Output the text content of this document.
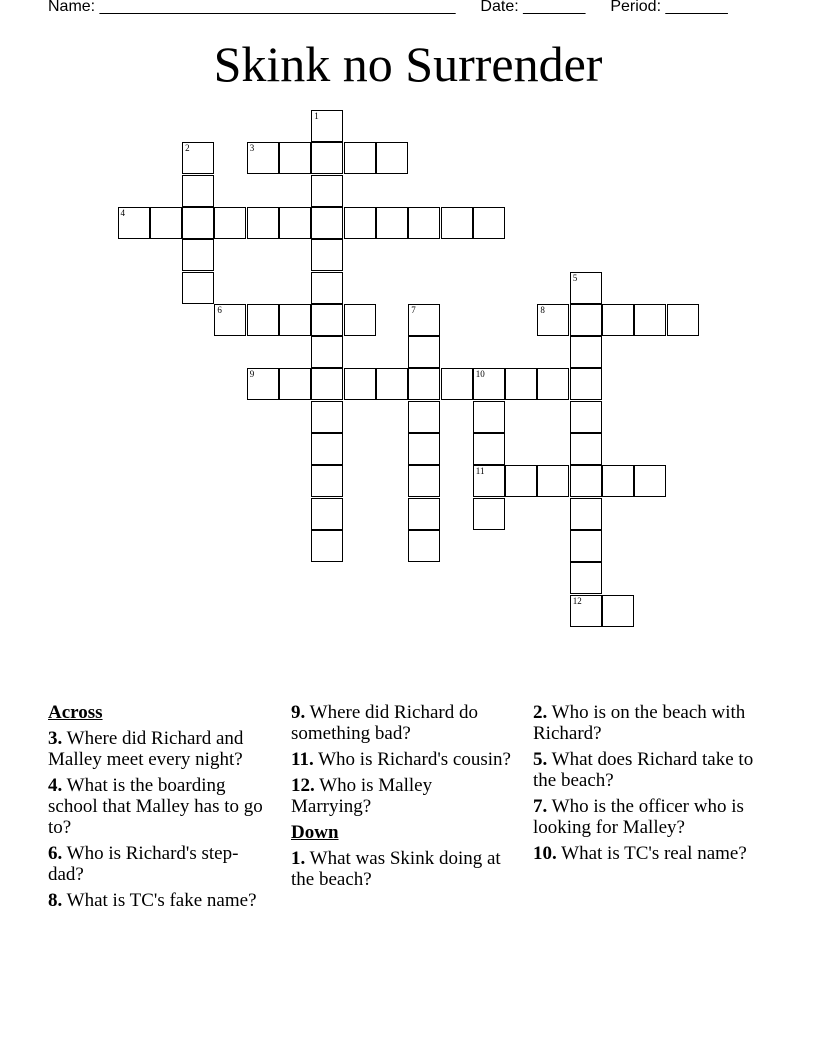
Name: ________________________________________ Date: _______ Period: _______
Skink no Surrender
1
2	3
4
5
12
6	7	8
9	10
11
Across
3. Where did Richard and Malley meet every night?
4. What is the boarding school that Malley has to go to?
6. Who is Richard's step-dad?
8. What is TC's fake name?
9. Where did Richard do something bad?
11. Who is Richard's cousin?
12. Who is Malley Marrying?
Down
1. What was Skink doing at the beach?
2. Who is on the beach with Richard?
5. What does Richard take to the beach?
7. Who is the officer who is looking for Malley?
10. What is TC's real name?
